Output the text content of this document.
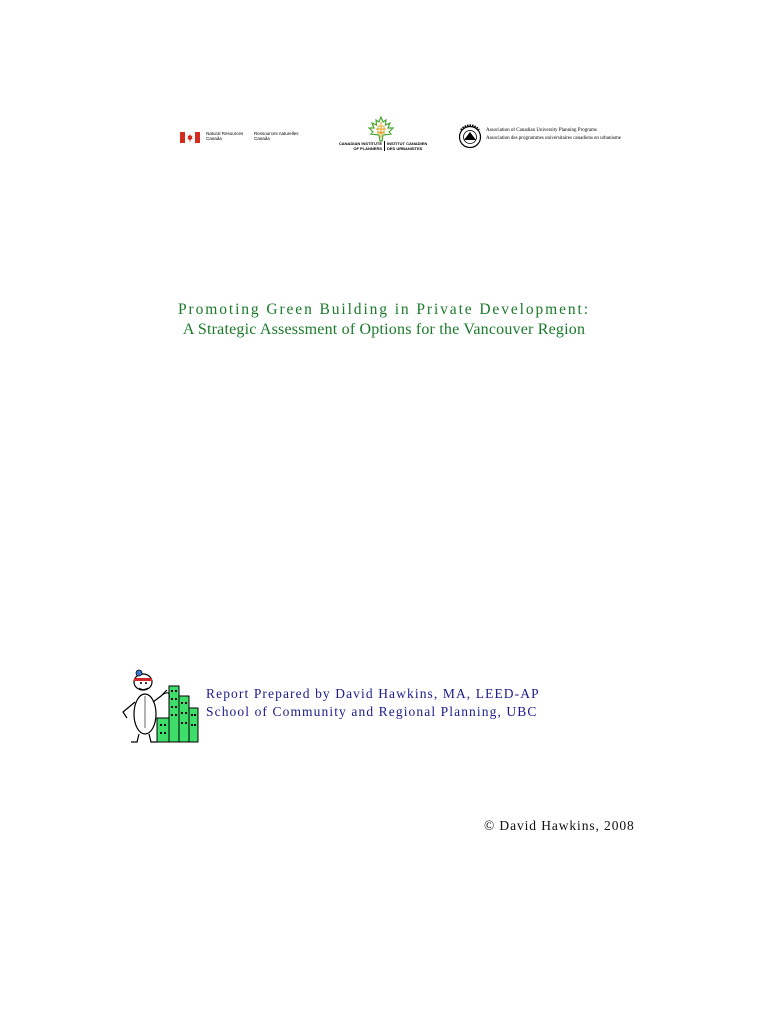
Natural Resources
CanadaRessources naturelles
Canada
CANADIAN INSTITUTE
OF PLANNERS
INSTITUT CANADIEN
DES URBANISTES
Association of Canadian University Planning Programs
Association des programmes universitaires canadiens en urbanisme
Promoting Green Building in Private Development:
A Strategic Assessment of Options for the Vancouver Region
Report Prepared by David Hawkins, MA, LEED-AP
School of Community and Regional Planning, UBC
© David Hawkins, 2008
